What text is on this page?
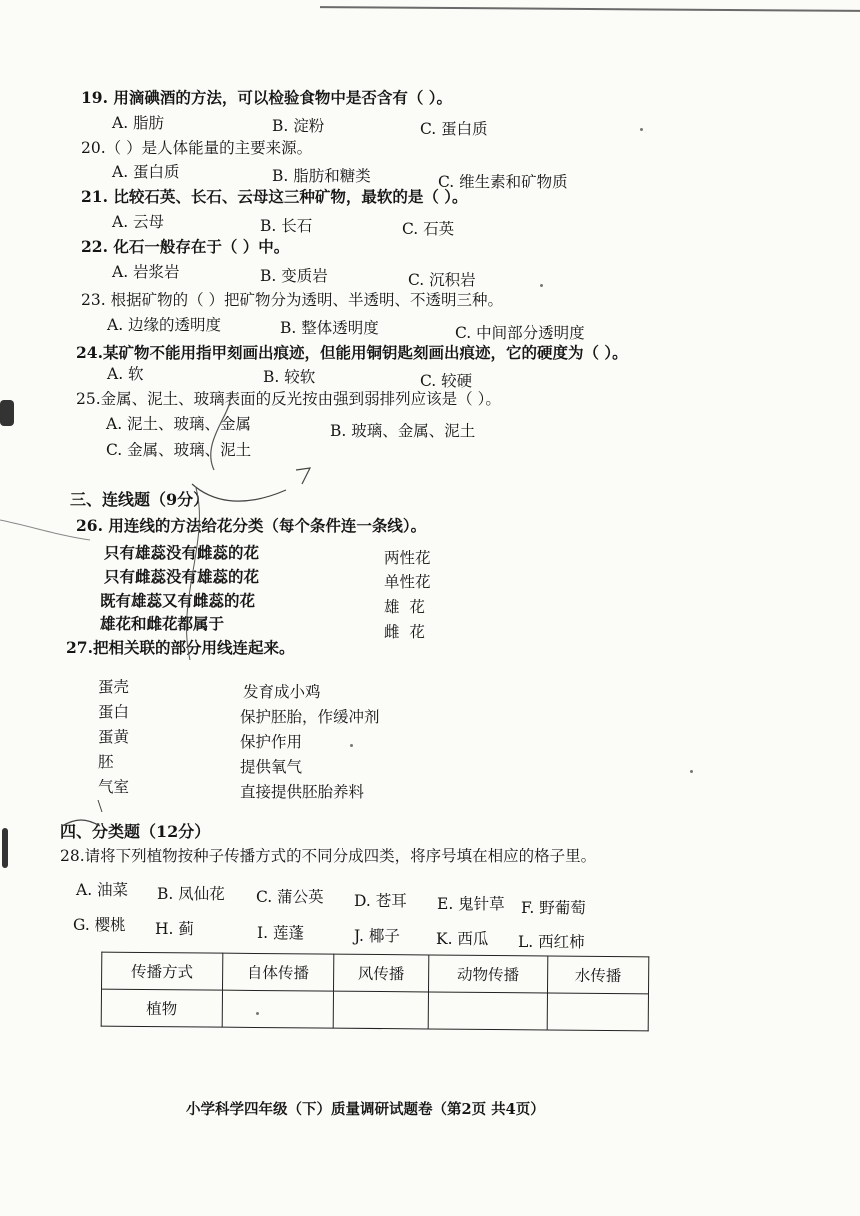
19. 用滴碘酒的方法，可以检验食物中是否含有（ ）。
A. 脂肪	B. 淀粉	C. 蛋白质
20.（ ）是人体能量的主要来源。
A. 蛋白质	B. 脂肪和糖类	C. 维生素和矿物质
21. 比较石英、长石、云母这三种矿物，最软的是（ ）。
A. 云母	B. 长石	C. 石英
22. 化石一般存在于（ ）中。
A. 岩浆岩	B. 变质岩	C. 沉积岩
23. 根据矿物的（ ）把矿物分为透明、半透明、不透明三种。
A. 边缘的透明度	B. 整体透明度	C. 中间部分透明度
24.某矿物不能用指甲刻画出痕迹，但能用铜钥匙刻画出痕迹，它的硬度为（ ）。
A. 软	B. 较软	C. 较硬
25.金属、泥土、玻璃表面的反光按由强到弱排列应该是（ ）。
A. 泥土、玻璃、金属	B. 玻璃、金属、泥土
C. 金属、玻璃、泥土
三、连线题（9分）
26. 用连线的方法给花分类（每个条件连一条线）。
只有雄蕊没有雌蕊的花
只有雌蕊没有雄蕊的花
既有雄蕊又有雌蕊的花
雄花和雌花都属于
两性花
单性花
雄  花
雌  花
27.把相关联的部分用线连起来。
蛋壳
蛋白
蛋黄
胚
气室
发育成小鸡
保护胚胎，作缓冲剂
保护作用
提供氧气
直接提供胚胎养料
四、分类题（12分）
28.请将下列植物按种子传播方式的不同分成四类，将序号填在相应的格子里。
A. 油菜 B. 凤仙花 C. 蒲公英 D. 苍耳 E. 鬼针草 F. 野葡萄
G. 樱桃 H. 蓟	I. 莲蓬	J. 椰子 K. 西瓜 L. 西红柿
传播方式	自体传播	风传播	动物传播	水传播
植物				
小学科学四年级（下）质量调研试题卷（第2页 共4页）
